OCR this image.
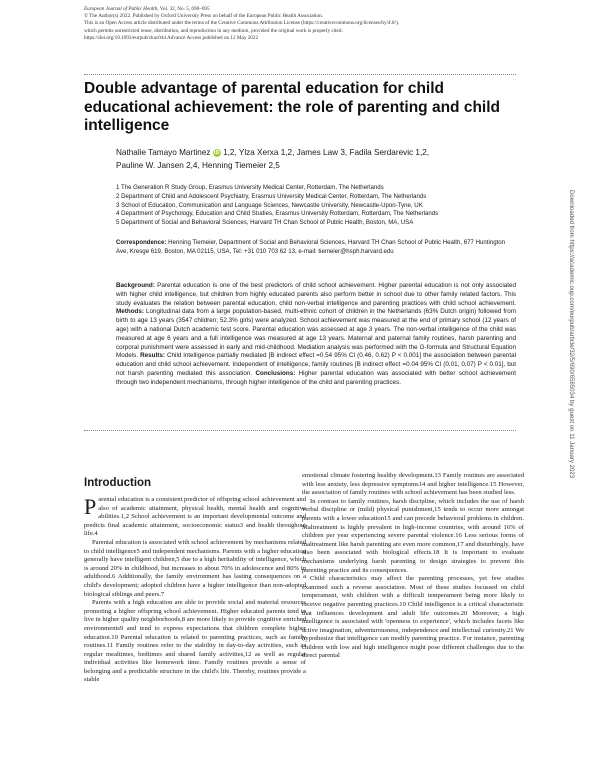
European Journal of Public Health, Vol. 32, No. 5, 690–695
© The Author(s) 2022. Published by Oxford University Press on behalf of the European Public Health Association.
This is an Open Access article distributed under the terms of the Creative Commons Attribution License (https://creativecommons.org/licenses/by/4.0/),
which permits unrestricted reuse, distribution, and reproduction in any medium, provided the original work is properly cited.
https://doi.org/10.1093/eurpub/ckac044 Advance Access published on 12 May 2022
Double advantage of parental education for child educational achievement: the role of parenting and child intelligence
Nathalie Tamayo Martinez iD 1,2, Ylza Xerxa 1,2, James Law 3, Fadila Serdarevic 1,2,
Pauline W. Jansen 2,4, Henning Tiemeier 2,5
1 The Generation R Study Group, Erasmus University Medical Center, Rotterdam, The Netherlands
2 Department of Child and Adolescent Psychiatry, Erasmus University Medical Center, Rotterdam, The Netherlands
3 School of Education, Communication and Language Sciences, Newcastle University, Newcastle-Upon-Tyne, UK
4 Department of Psychology, Education and Child Studies, Erasmus University Rotterdam, Rotterdam, The Netherlands
5 Department of Social and Behavioral Sciences, Harvard TH Chan School of Public Health, Boston, MA, USA
Correspondence: Henning Tiemeier, Department of Social and Behavioral Sciences, Harvard TH Chan School of Public Health, 677 Huntington Ave, Kresge 619, Boston, MA 02115, USA, Tel: +31 010 703 62 13, e-mail: tiemeier@hsph.harvard.edu
Background: Parental education is one of the best predictors of child school achievement. Higher parental education is not only associated with higher child intelligence, but children from highly educated parents also perform better in school due to other family related factors. This study evaluates the relation between parental education, child non-verbal intelligence and parenting practices with child school achievement. Methods: Longitudinal data from a large population-based, multi-ethnic cohort of children in the Netherlands (63% Dutch origin) followed from birth to age 13 years (3547 children; 52.3% girls) were analyzed. School achievement was measured at the end of primary school (12 years of age) with a national Dutch academic test score. Parental education was assessed at age 3 years. The non-verbal intelligence of the child was measured at age 6 years and a full intelligence was measured at age 13 years. Maternal and paternal family routines, harsh parenting and corporal punishment were assessed in early and mid-childhood. Mediation analysis was performed with the G-formula and Structural Equation Models. Results: Child intelligence partially mediated [B indirect effect =0.54 95% CI (0.46, 0.62) P < 0.001] the association between parental education and child school achievement. Independent of intelligence, family routines [B indirect effect =0.04 95% CI (0.01, 0.07) P < 0.01], but not harsh parenting mediated this association. Conclusions: Higher parental education was associated with better school achievement through two independent mechanisms, through higher intelligence of the child and parenting practices.	Downloaded from https://academic.oup.com/eurpub/article/32/5/690/6585034 by guest on 11 January 2023
Introduction

Parental education is a consistent predictor of offspring school achievement and also of academic attainment, physical health, mental health and cognitive abilities.1,2 School achievement is an important developmental outcome and predicts final academic attainment, socioeconomic status3 and health throughout life.4

Parental education is associated with school achievement by mechanisms related to child intelligence5 and independent mechanisms. Parents with a higher education generally have intelligent children,5 due to a high heritability of intelligence, which is around 20% in childhood, but increases to about 70% in adolescence and 80% in adulthood.6 Additionally, the family environment has lasting consequences on a child's development; adopted children have a higher intelligence than non-adopted biological siblings and peers.7

Parents with a high education are able to provide social and material resources promoting a higher offspring school achievement. Higher educated parents tend to live in higher quality neighborhoods,8 are more likely to provide cognitive enriched environments9 and tend to express expectations that children complete higher education.10 Parental education is related to parenting practices, such as family routines.11 Family routines refer to the stability in day-to-day activities, such as regular mealtimes, bedtimes and shared family activities,12 as well as regular individual activities like homework time. Family routines provide a sense of belonging and a predictable structure in the child's life. Thereby, routines provide a stable

emotional climate fostering healthy development.13 Family routines are associated with less anxiety, less depressive symptoms14 and higher intelligence.15 However, the association of family routines with school achievement has been studied less.

In contrast to family routines, harsh discipline, which includes the use of harsh verbal discipline or (mild) physical punishment,15 tends to occur more amongst parents with a lower education15 and can precede behavioral problems in children. Maltreatment is highly prevalent in high-income countries, with around 16% of children per year experiencing severe parental violence.16 Less serious forms of maltreatment like harsh parenting are even more common,17 and disturbingly, have also been associated with biological effects.18 It is important to evaluate mechanisms underlying harsh parenting to design strategies to prevent this parenting practice and its consequences.

Child characteristics may affect the parenting processes, yet few studies examined such a reverse association. Most of these studies focussed on child temperament, with children with a difficult temperament being more likely to receive negative parenting practices.19 Child intelligence is a critical characteristic that influences development and adult life outcomes.20 Moreover, a high intelligence is associated with 'openness to experience', which includes facets like active imagination, adventurousness, independence and intellectual curiosity.21 We hypothesize that intelligence can modify parenting practice. For instance, parenting children with low and high intelligence might pose different challenges due to the direct parental
